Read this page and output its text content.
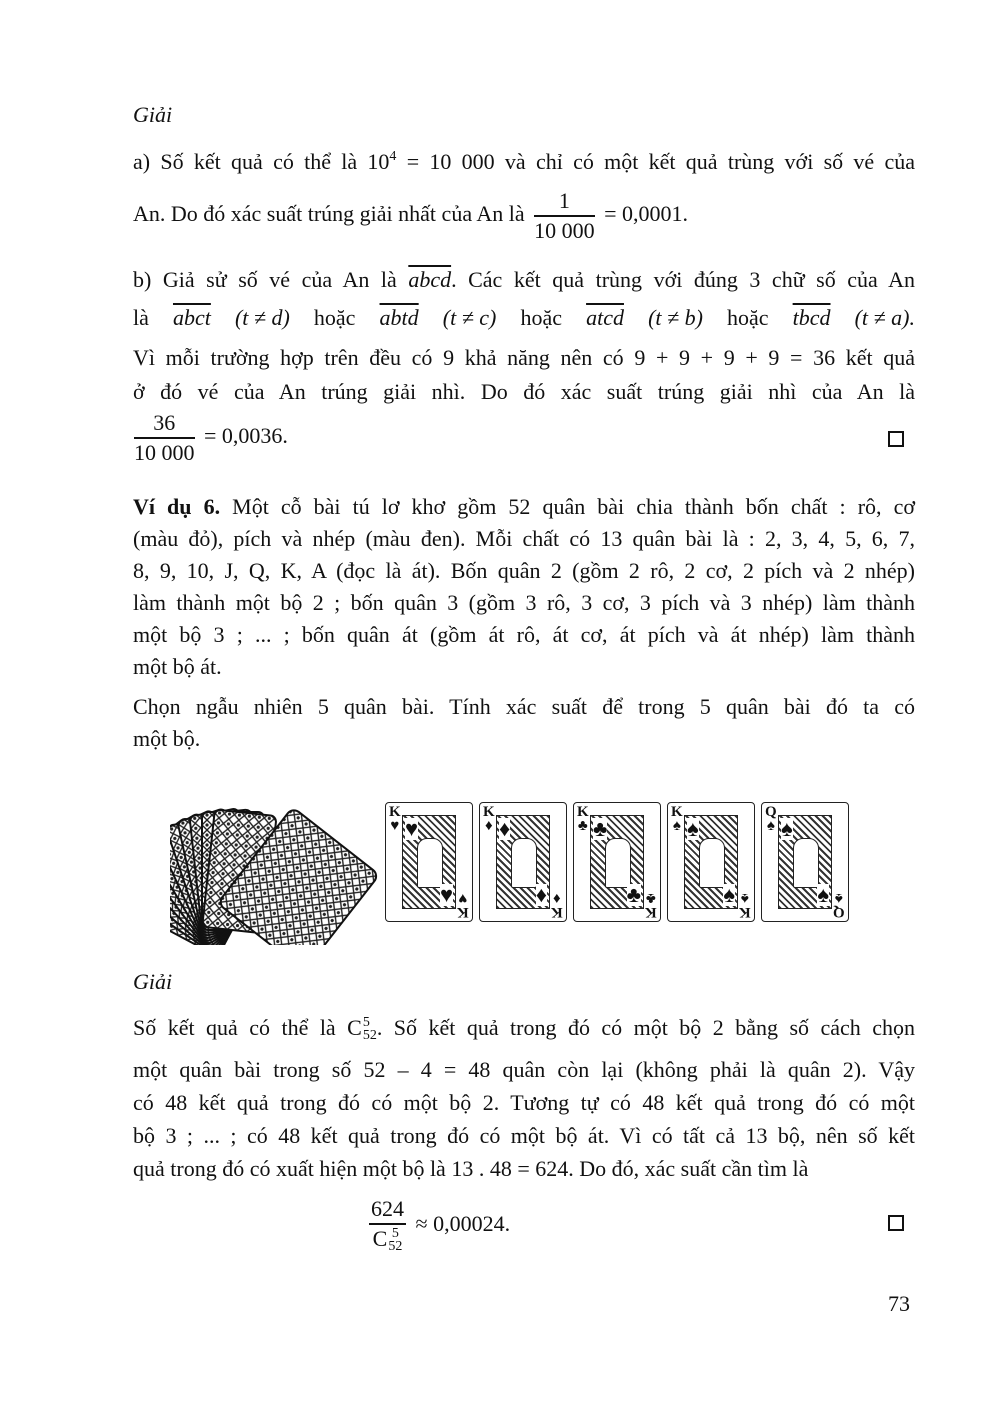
Giải
a) Số kết quả có thể là $10^4 = 10$ 000 và chỉ có một kết quả trùng với số vé của
An. Do đó xác suất trúng giải nhất của An là $\frac{1}{10 000} = 0,0001$.
b) Giả sử số vé của An là abcd. Các kết quả trùng với đúng 3 chữ số của An
là abct (t ≠ d) hoặc abtd (t ≠ c) hoặc atcd (t ≠ b) hoặc tbcd (t ≠ a).
Vì mỗi trường hợp trên đều có 9 khả năng nên có 9 + 9 + 9 + 9 = 36 kết quả
ở đó vé của An trúng giải nhì. Do đó xác suất trúng giải nhì của An là
$\frac{36}{10 000} = 0,0036$.
Ví dụ 6. Một cỗ bài tú lơ khơ gồm 52 quân bài chia thành bốn chất : rô, cơ
(màu đỏ), pích và nhép (màu đen). Mỗi chất có 13 quân bài là : 2, 3, 4, 5, 6, 7,
8, 9, 10, J, Q, K, A (đọc là át). Bốn quân 2 (gồm 2 rô, 2 cơ, 2 pích và 2 nhép)
làm thành một bộ 2 ; bốn quân 3 (gồm 3 rô, 3 cơ, 3 pích và 3 nhép) làm thành
một bộ 3 ; ... ; bốn quân át (gồm át rô, át cơ, át pích và át nhép) làm thành
một bộ át.
Chọn ngẫu nhiên 5 quân bài. Tính xác suất để trong 5 quân bài đó ta có
một bộ.
K
♥ ♥
♥
K
♥
K
♦ ♦
♦
K
♦
K
♣ ♣
♣
K
♣
K
♠ ♠
♠
K
♠
Q
♠ ♠
♠
Q
♠
Giải
Số kết quả có thể là C 5
52 . Số kết quả trong đó có một bộ 2 bằng số cách chọn
một quân bài trong số 52 – 4 = 48 quân còn lại (không phải là quân 2). Vậy
có 48 kết quả trong đó có một bộ 2. Tương tự có 48 kết quả trong đó có một
bộ 3 ; ... ; có 48 kết quả trong đó có một bộ át. Vì có tất cả 13 bộ, nên số kết
quả trong đó có xuất hiện một bộ là 13 . 48 = 624. Do đó, xác suất cần tìm là
624
C 5
52 ≈ 0,00024.
73
